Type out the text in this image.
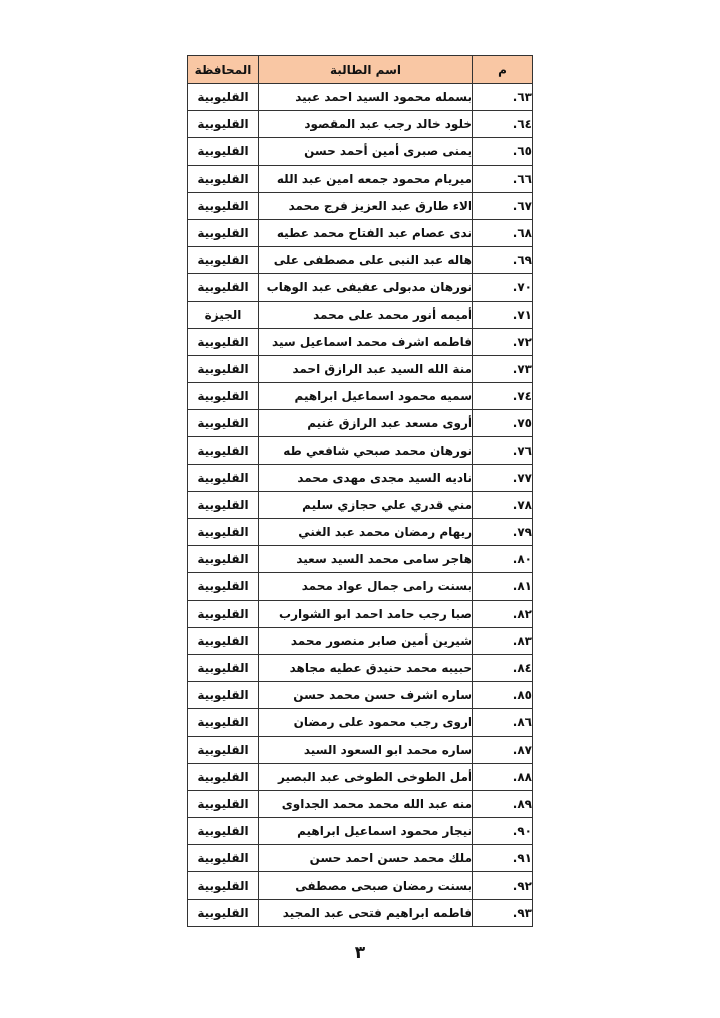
م	اسم الطالبة	المحافظة
٦٣.	بسمله محمود السيد احمد عبيد	القليوبية
٦٤.	خلود خالد رجب عبد المقصود	القليوبية
٦٥.	يمنى صبرى أمين أحمد حسن	القليوبية
٦٦.	ميريام محمود جمعه امين عبد الله	القليوبية
٦٧.	الاء طارق عبد العزيز فرج محمد	القليوبية
٦٨.	ندى عصام عبد الفتاح محمد عطيه	القليوبية
٦٩.	هاله عبد النبى على مصطفى على	القليوبية
٧٠.	نورهان مدبولى عفيفى عبد الوهاب	القليوبية
٧١.	أميمه أنور محمد على محمد	الجيزة
٧٢.	فاطمه اشرف محمد اسماعيل سيد	القليوبية
٧٣.	منة الله السيد عبد الرازق احمد	القليوبية
٧٤.	سميه محمود اسماعيل ابراهيم	القليوبية
٧٥.	أروى مسعد عبد الرازق غنيم	القليوبية
٧٦.	نورهان محمد صبحي شافعي طه	القليوبية
٧٧.	ناديه السيد مجدى مهدى محمد	القليوبية
٧٨.	مني قدري علي حجازي سليم	القليوبية
٧٩.	ريهام رمضان محمد عبد الغني	القليوبية
٨٠.	هاجر سامى محمد السيد سعيد	القليوبية
٨١.	بسنت رامى جمال عواد محمد	القليوبية
٨٢.	صبا رجب حامد احمد ابو الشوارب	القليوبية
٨٣.	شيرين أمين صابر منصور محمد	القليوبية
٨٤.	حبيبه محمد حنيدق عطيه مجاهد	القليوبية
٨٥.	ساره اشرف حسن محمد حسن	القليوبية
٨٦.	اروى رجب محمود على رمضان	القليوبية
٨٧.	ساره محمد ابو السعود السيد	القليوبية
٨٨.	أمل الطوخى الطوخى عبد البصير	القليوبية
٨٩.	منه عبد الله محمد محمد الجداوى	القليوبية
٩٠.	نيجار محمود اسماعيل ابراهيم	القليوبية
٩١.	ملك محمد حسن احمد حسن	القليوبية
٩٢.	بسنت رمضان صبحى مصطفى	القليوبية
٩٣.	فاطمه ابراهيم فتحى عبد المجيد	القليوبية
٣
